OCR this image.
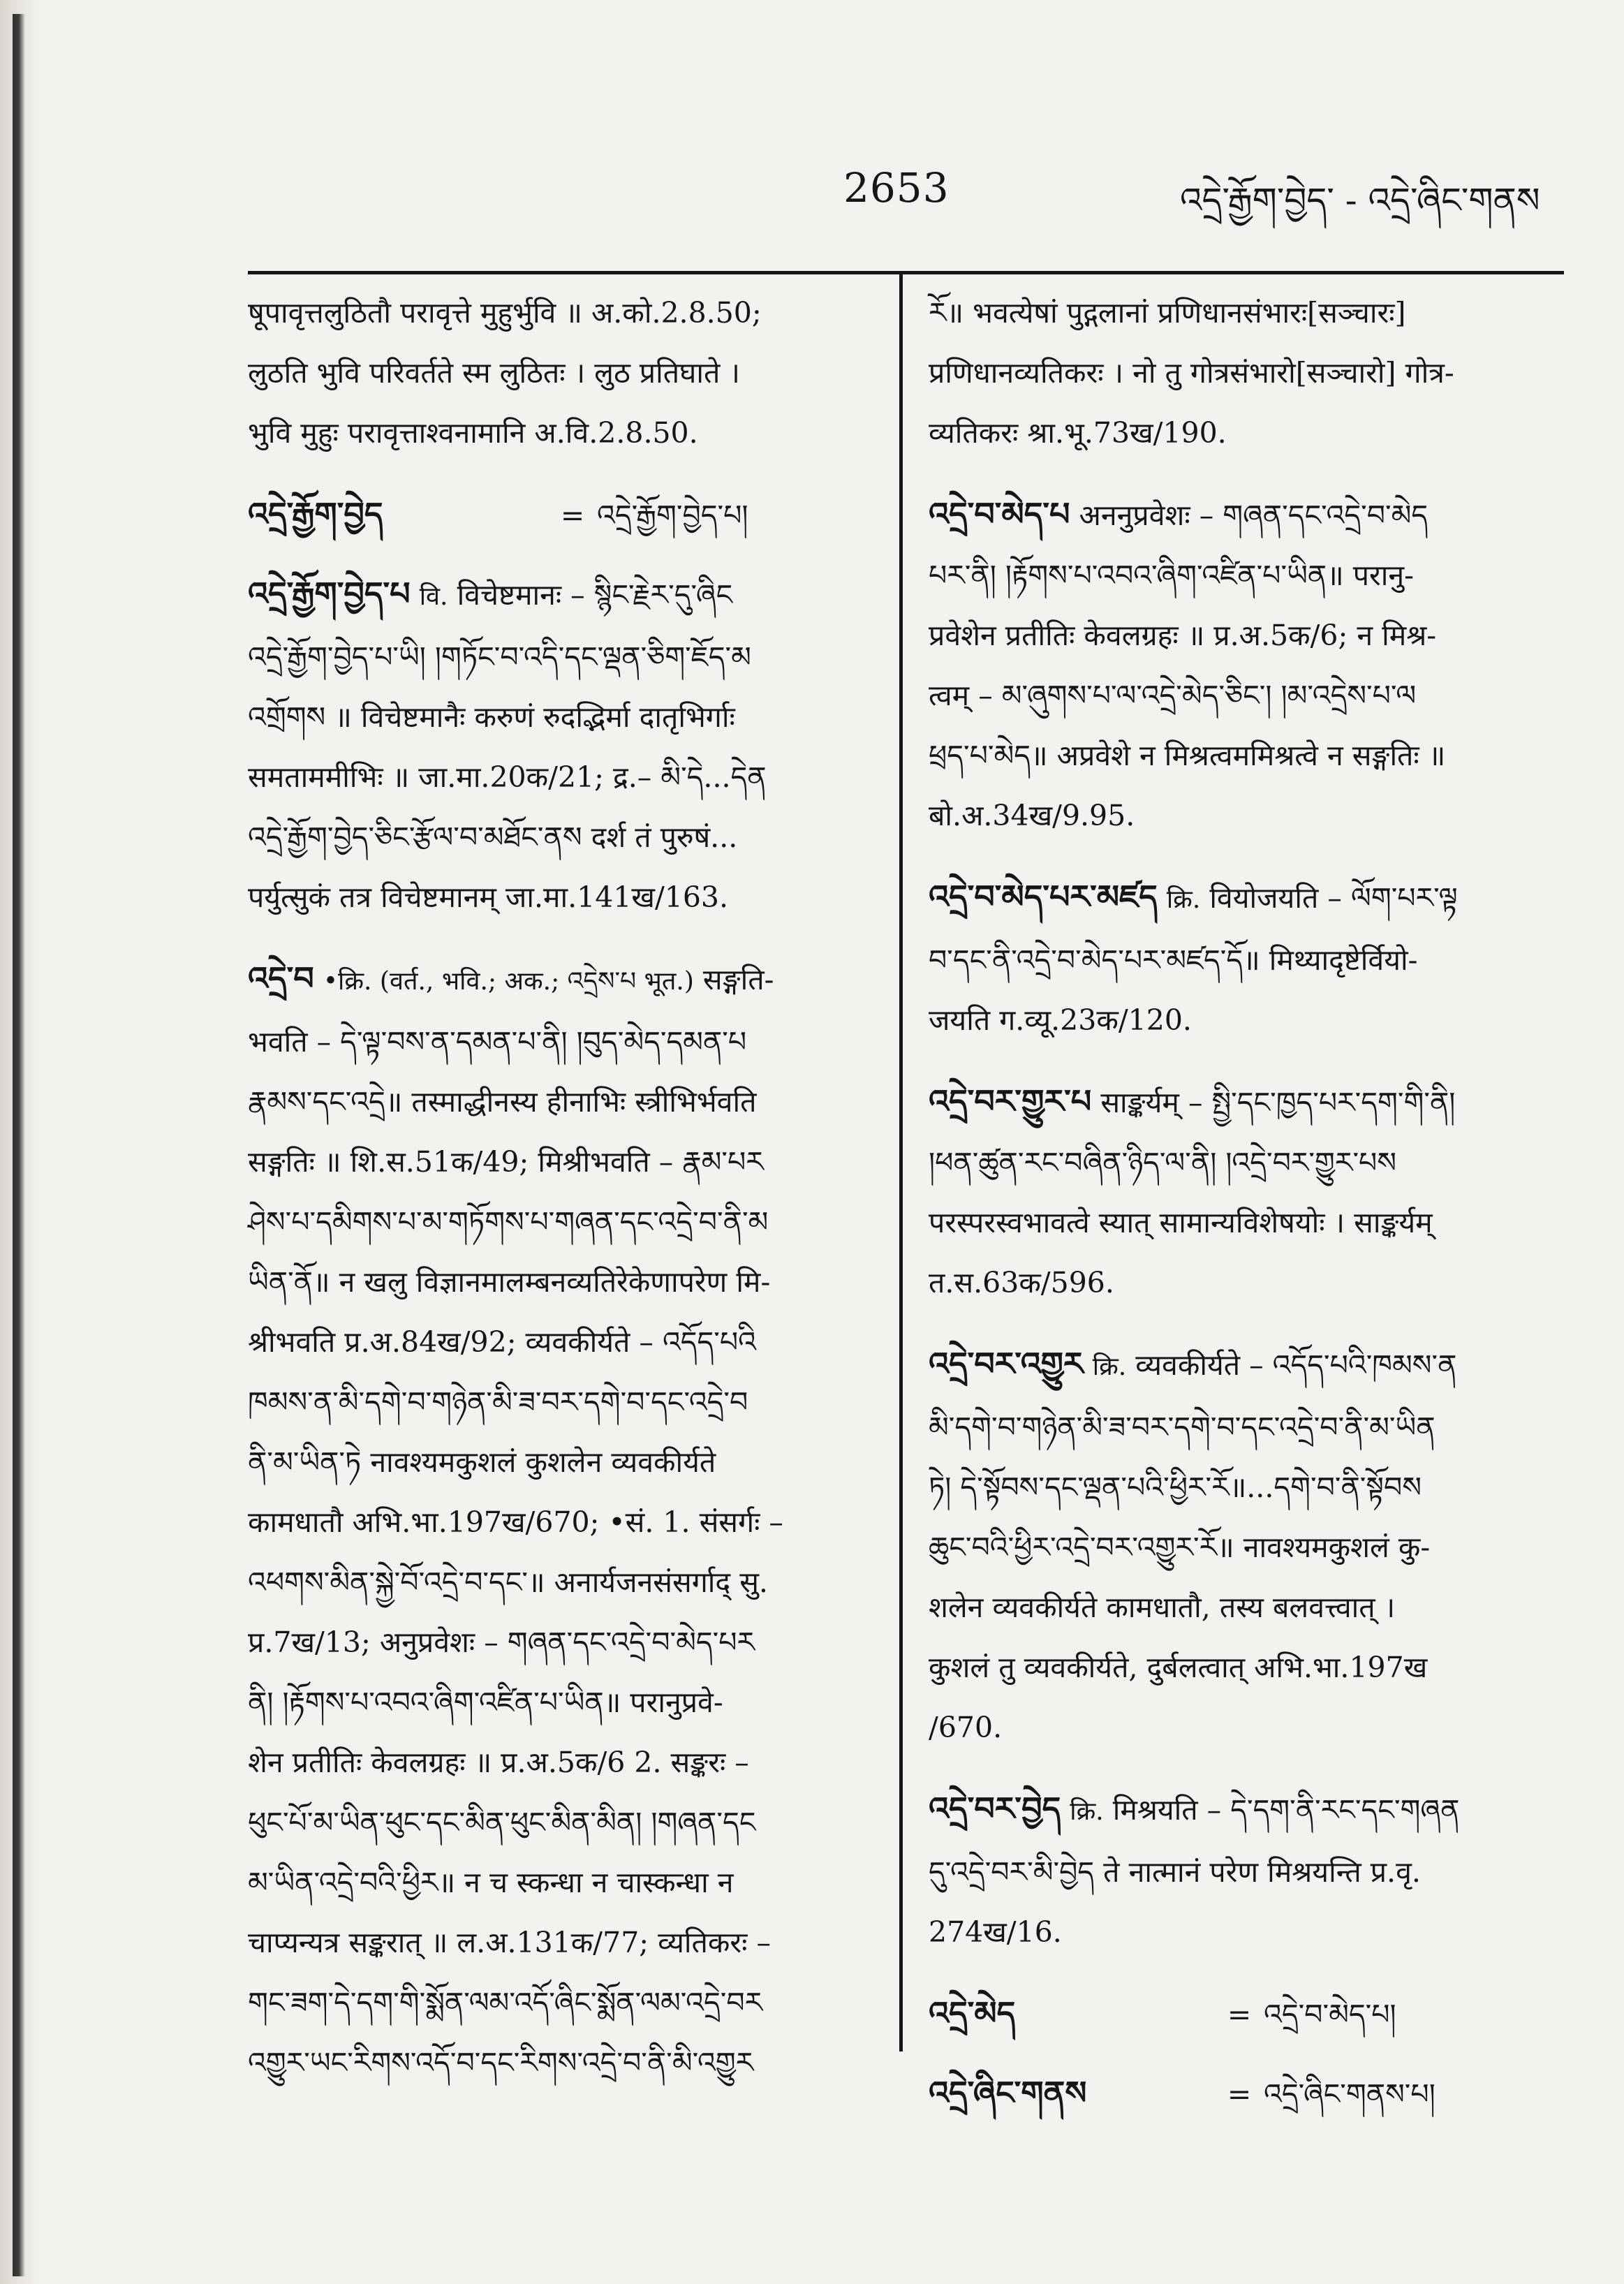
2653	འདྲེ་རྒྱོག་བྱེད་ - འདྲེ་ཞིང་གནས

षूपावृत्तलुठितौ परावृत्ते मुहुर्भुवि ॥ अ.को.2.8.50;

लुठति भुवि परिवर्तते स्म लुठितः । लुठ प्रतिघाते ।

भुवि मुहुः परावृत्ताश्वनामानि अ.वि.2.8.50.

འདྲེ་རྒྱོག་བྱེད	= འདྲེ་རྒྱོག་བྱེད་པ།

འདྲེ་རྒྱོག་བྱེད་པ वि. विचेष्टमानः – སྙིང་རྗེར་དུ་ཞིང

འདྲེ་རྒྱོག་བྱེད་པ་ཡི། །གཏོང་བ་འདི་དང་ལྡན་ཅིག་ཇོད་མ

འགྲོགས ॥ विचेष्टमानैः करुणं रुदद्भिर्मा दातृभिर्गाः

समताममीभिः ॥ जा.मा.20क/21; द्र.– མི་དེ...དེན

འདྲེ་རྒྱོག་བྱེད་ཅིང་རྩོལ་བ་མཐོང་ནས दर्श तं पुरुषं...

पर्युत्सुकं तत्र विचेष्टमानम् जा.मा.141ख/163.

འདྲེ་བ •क्रि. (वर्त., भवि.; अक.; འདྲེས་པ भूत.) सङ्गति-

भवति – དེ་ལྟ་བས་ན་དམན་པ་ནི། །བུད་མེད་དམན་པ

རྣམས་དང་འདྲེ॥ तस्माद्धीनस्य हीनाभिः स्त्रीभिर्भवति

सङ्गतिः ॥ शि.स.51क/49; मिश्रीभवति – རྣམ་པར

ཤེས་པ་དམིགས་པ་མ་གཏོགས་པ་གཞན་དང་འདྲེ་བ་ནི་མ

ཡིན་ནོ॥ न खलु विज्ञानमालम्बनव्यतिरेकेणापरेण मि-

श्रीभवति प्र.अ.84ख/92; व्यवकीर्यते – འདོད་པའི

ཁམས་ན་མི་དགེ་བ་གཉེན་མི་ཟ་བར་དགེ་བ་དང་འདྲེ་བ

ནི་མ་ཡིན་ཏེ नावश्यमकुशलं कुशलेन व्यवकीर्यते

कामधातौ अभि.भा.197ख/670; •सं. 1. संसर्गः –

འཕགས་མིན་སྐྱེ་བོ་འདྲེ་བ་དང་॥ अनार्यजनसंसर्गाद् सु.

प्र.7ख/13; अनुप्रवेशः – གཞན་དང་འདྲེ་བ་མེད་པར

ནི། །རྟོགས་པ་འབའ་ཞིག་འཛིན་པ་ཡིན॥ परानुप्रवे-

शेन प्रतीतिः केवलग्रहः ॥ प्र.अ.5क/6 2. सङ्करः –

ཕུང་པོ་མ་ཡིན་ཕུང་དང་མིན་ཕུང་མིན་མིན། །གཞན་དང

མ་ཡིན་འདྲེ་བའི་ཕྱིར॥ न च स्कन्धा न चास्कन्धा न

चाप्यन्यत्र सङ्करात् ॥ ल.अ.131क/77; व्यतिकरः –

གང་ཟག་དེ་དག་གི་སྨོན་ལམ་འདོ་ཞིང་སྨོན་ལམ་འདྲེ་བར

འགྱུར་ཡང་རིགས་འདོ་བ་དང་རིགས་འདྲེ་བ་ནི་མི་འགྱུར

རོ॥ भवत्येषां पुद्गलानां प्रणिधानसंभारः[सञ्चारः]

प्रणिधानव्यतिकरः । नो तु गोत्रसंभारो[सञ्चारो] गोत्र-

व्यतिकरः श्रा.भू.73ख/190.

འདྲེ་བ་མེད་པ अननुप्रवेशः – གཞན་དང་འདྲེ་བ་མེད

པར་ནི། །རྟོགས་པ་འབའ་ཞིག་འཛིན་པ་ཡིན॥ परानु-

प्रवेशेन प्रतीतिः केवलग्रहः ॥ प्र.अ.5क/6; न मिश्र-

त्वम् – མ་ཞུགས་པ་ལ་འདྲེ་མེད་ཅིང་། །མ་འདྲེས་པ་ལ

ཕྲད་པ་མེད॥ अप्रवेशे न मिश्रत्वममिश्रत्वे न सङ्गतिः ॥

बो.अ.34ख/9.95.

འདྲེ་བ་མེད་པར་མཛད क्रि. वियोजयति – ལོག་པར་ལྟ

བ་དང་ནི་འདྲེ་བ་མེད་པར་མཛད་དོ॥ मिथ्यादृष्टेर्वियो-

जयति ग.व्यू.23क/120.

འདྲེ་བར་གྱུར་པ साङ्कर्यम् – སྤྱི་དང་ཁྱད་པར་དག་གི་ནི།

།ཕན་ཚུན་རང་བཞིན་ཉིད་ལ་ནི། །འདྲེ་བར་གྱུར་པས

परस्परस्वभावत्वे स्यात् सामान्यविशेषयोः । साङ्कर्यम्

त.स.63क/596.

འདྲེ་བར་འགྱུར क्रि. व्यवकीर्यते – འདོད་པའི་ཁམས་ན

མི་དགེ་བ་གཉེན་མི་ཟ་བར་དགེ་བ་དང་འདྲེ་བ་ནི་མ་ཡིན

ཏེ། དེ་སྟོབས་དང་ལྡན་པའི་ཕྱིར་རོ॥...དགེ་བ་ནི་སྟོབས

ཆུང་བའི་ཕྱིར་འདྲེ་བར་འགྱུར་རོ॥ नावश्यमकुशलं कु-

शलेन व्यवकीर्यते कामधातौ, तस्य बलवत्त्वात् ।

कुशलं तु व्यवकीर्यते, दुर्बलत्वात् अभि.भा.197ख

/670.

འདྲེ་བར་བྱེད क्रि. मिश्रयति – དེ་དག་ནི་རང་དང་གཞན

དུ་འདྲེ་བར་མི་བྱེད ते नात्मानं परेण मिश्रयन्ति प्र.वृ.

274ख/16.

འདྲེ་མེད	= འདྲེ་བ་མེད་པ།
འདྲེ་ཞིང་གནས	= འདྲེ་ཞིང་གནས་པ།
